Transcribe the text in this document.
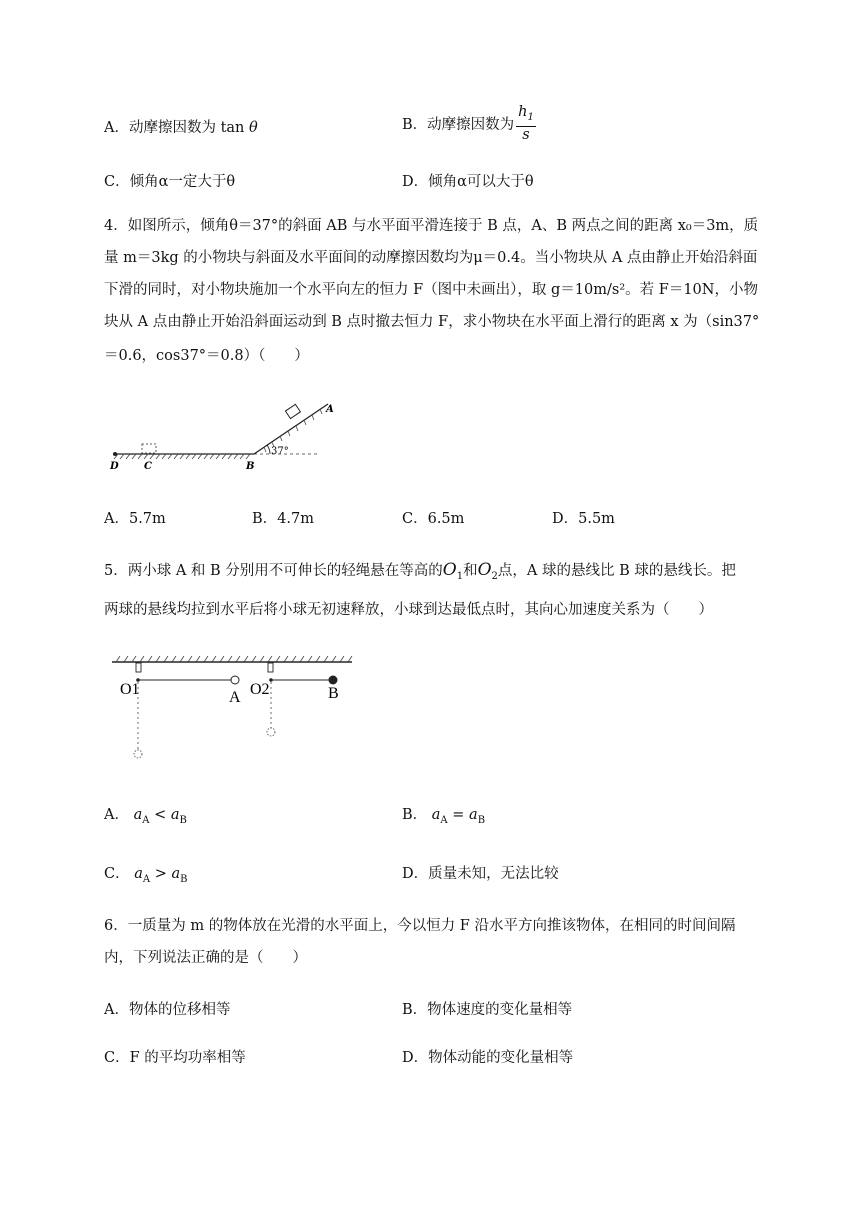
A．动摩擦因数为 tan θ	B．动摩擦因数为 $\frac{h_1}{s}$
C．倾角α一定大于θ	D．倾角α可以大于θ
4．如图所示，倾角θ＝37°的斜面 AB 与水平面平滑连接于 B 点，A、B 两点之间的距离 x₀＝3m，质
量 m＝3kg 的小物块与斜面及水平面间的动摩擦因数均为μ＝0.4。当小物块从 A 点由静止开始沿斜面
下滑的同时，对小物块施加一个水平向左的恒力 F（图中未画出），取 g＝10m/s²。若 F＝10N，小物
块从 A 点由静止开始沿斜面运动到 B 点时撤去恒力 F，求小物块在水平面上滑行的距离 x 为（sin37°
＝0.6，cos37°＝0.8）（　　）
37°
D	C	B
A
A．5.7m	B．4.7m	C．6.5m	D．5.5m
5．两小球 A 和 B 分别用不可伸长的轻绳悬在等高的$O_1$和$O_2$点，A 球的悬线比 B 球的悬线长。把
两球的悬线均拉到水平后将小球无初速释放，小球到达最低点时，其向心加速度关系为（　　）
O1	A O2	B
A． $a_A < a_B$	B． $a_A = a_B$
C． $a_A > a_B$	D．质量未知，无法比较
6．一质量为 m 的物体放在光滑的水平面上，今以恒力 F 沿水平方向推该物体，在相同的时间间隔
内，下列说法正确的是（　　）
A．物体的位移相等	B．物体速度的变化量相等
C．F 的平均功率相等	D．物体动能的变化量相等
